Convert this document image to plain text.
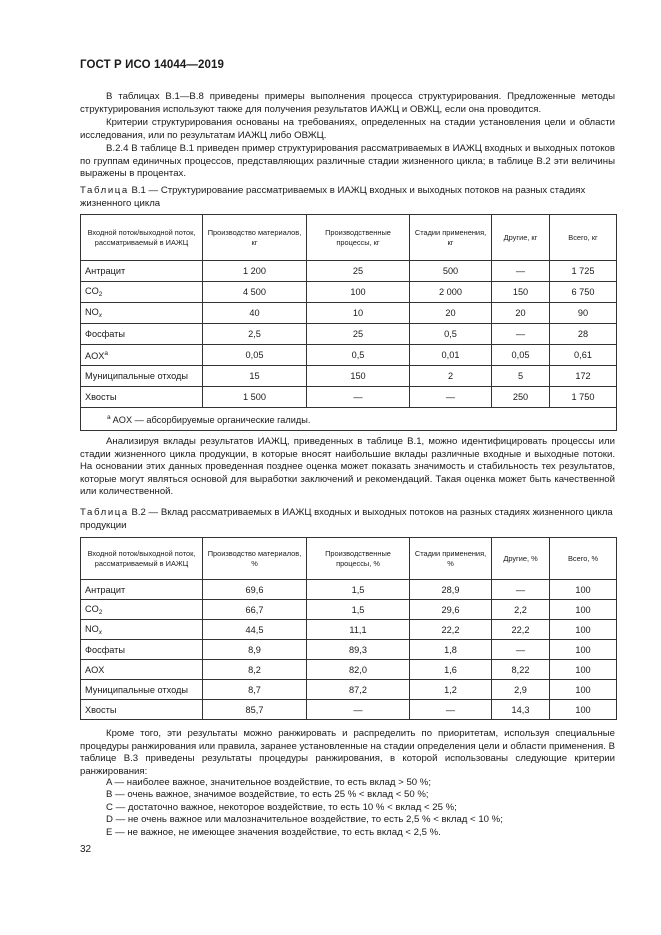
ГОСТ Р ИСО 14044—2019

В таблицах В.1—В.8 приведены примеры выполнения процесса структурирования. Предложенные методы структурирования используют также для получения результатов ИАЖЦ и ОВЖЦ, если она проводится.

Критерии структурирования основаны на требованиях, определенных на стадии установления цели и области исследования, или по результатам ИАЖЦ либо ОВЖЦ.

В.2.4 В таблице В.1 приведен пример структурирования рассматриваемых в ИАЖЦ входных и выходных потоков по группам единичных процессов, представляющих различные стадии жизненного цикла; в таблице В.2 эти величины выражены в процентах.

Таблица В.1 — Структурирование рассматриваемых в ИАЖЦ входных и выходных потоков на разных стадиях жизненного цикла

Входной поток/выходной поток, рассматриваемый в ИАЖЦ	Производство материалов, кг	Производственные процессы, кг	Стадии применения, кг	Другие, кг	Всего, кг
Антрацит	1 200	25	500	—	1 725
$CO_2$	4 500	100	2 000	150	6 750
$NO_x$	40	10	20	20	90
Фосфаты	2,5	25	0,5	—	28
AOX$^a$	0,05	0,5	0,01	0,05	0,61
Муниципальные отходы	15	150	2	5	172
Хвосты	1 500	—	—	250	1 750
$^a$ AOX — абсорбируемые органические галиды.					

Анализируя вклады результатов ИАЖЦ, приведенных в таблице В.1, можно идентифицировать процессы или стадии жизненного цикла продукции, в которые вносят наибольшие вклады различные входные и выходные потоки. На основании этих данных проведенная позднее оценка может показать значимость и стабильность тех результатов, которые могут являться основой для выработки заключений и рекомендаций. Такая оценка может быть качественной или количественной.

Таблица В.2 — Вклад рассматриваемых в ИАЖЦ входных и выходных потоков на разных стадиях жизненного цикла продукции

Входной поток/выходной поток, рассматриваемый в ИАЖЦ	Производство материалов, %	Производственные процессы, %	Стадии применения, %	Другие, %	Всего, %
Антрацит	69,6	1,5	28,9	—	100
$CO_2$	66,7	1,5	29,6	2,2	100
$NO_x$	44,5	11,1	22,2	22,2	100
Фосфаты	8,9	89,3	1,8	—	100
AOX	8,2	82,0	1,6	8,22	100
Муниципальные отходы	8,7	87,2	1,2	2,9	100
Хвосты	85,7	—	—	14,3	100

Кроме того, эти результаты можно ранжировать и распределить по приоритетам, используя специальные процедуры ранжирования или правила, заранее установленные на стадии определения цели и области применения. В таблице В.3 приведены результаты процедуры ранжирования, в которой использованы следующие критерии ранжирования:

A — наиболее важное, значительное воздействие, то есть вклад > 50 %;
B — очень важное, значимое воздействие, то есть 25 % < вклад < 50 %;
C — достаточно важное, некоторое воздействие, то есть 10 % < вклад < 25 %;
D — не очень важное или малозначительное воздействие, то есть 2,5 % < вклад < 10 %;
E — не важное, не имеющее значения воздействие, то есть вклад < 2,5 %.
32
